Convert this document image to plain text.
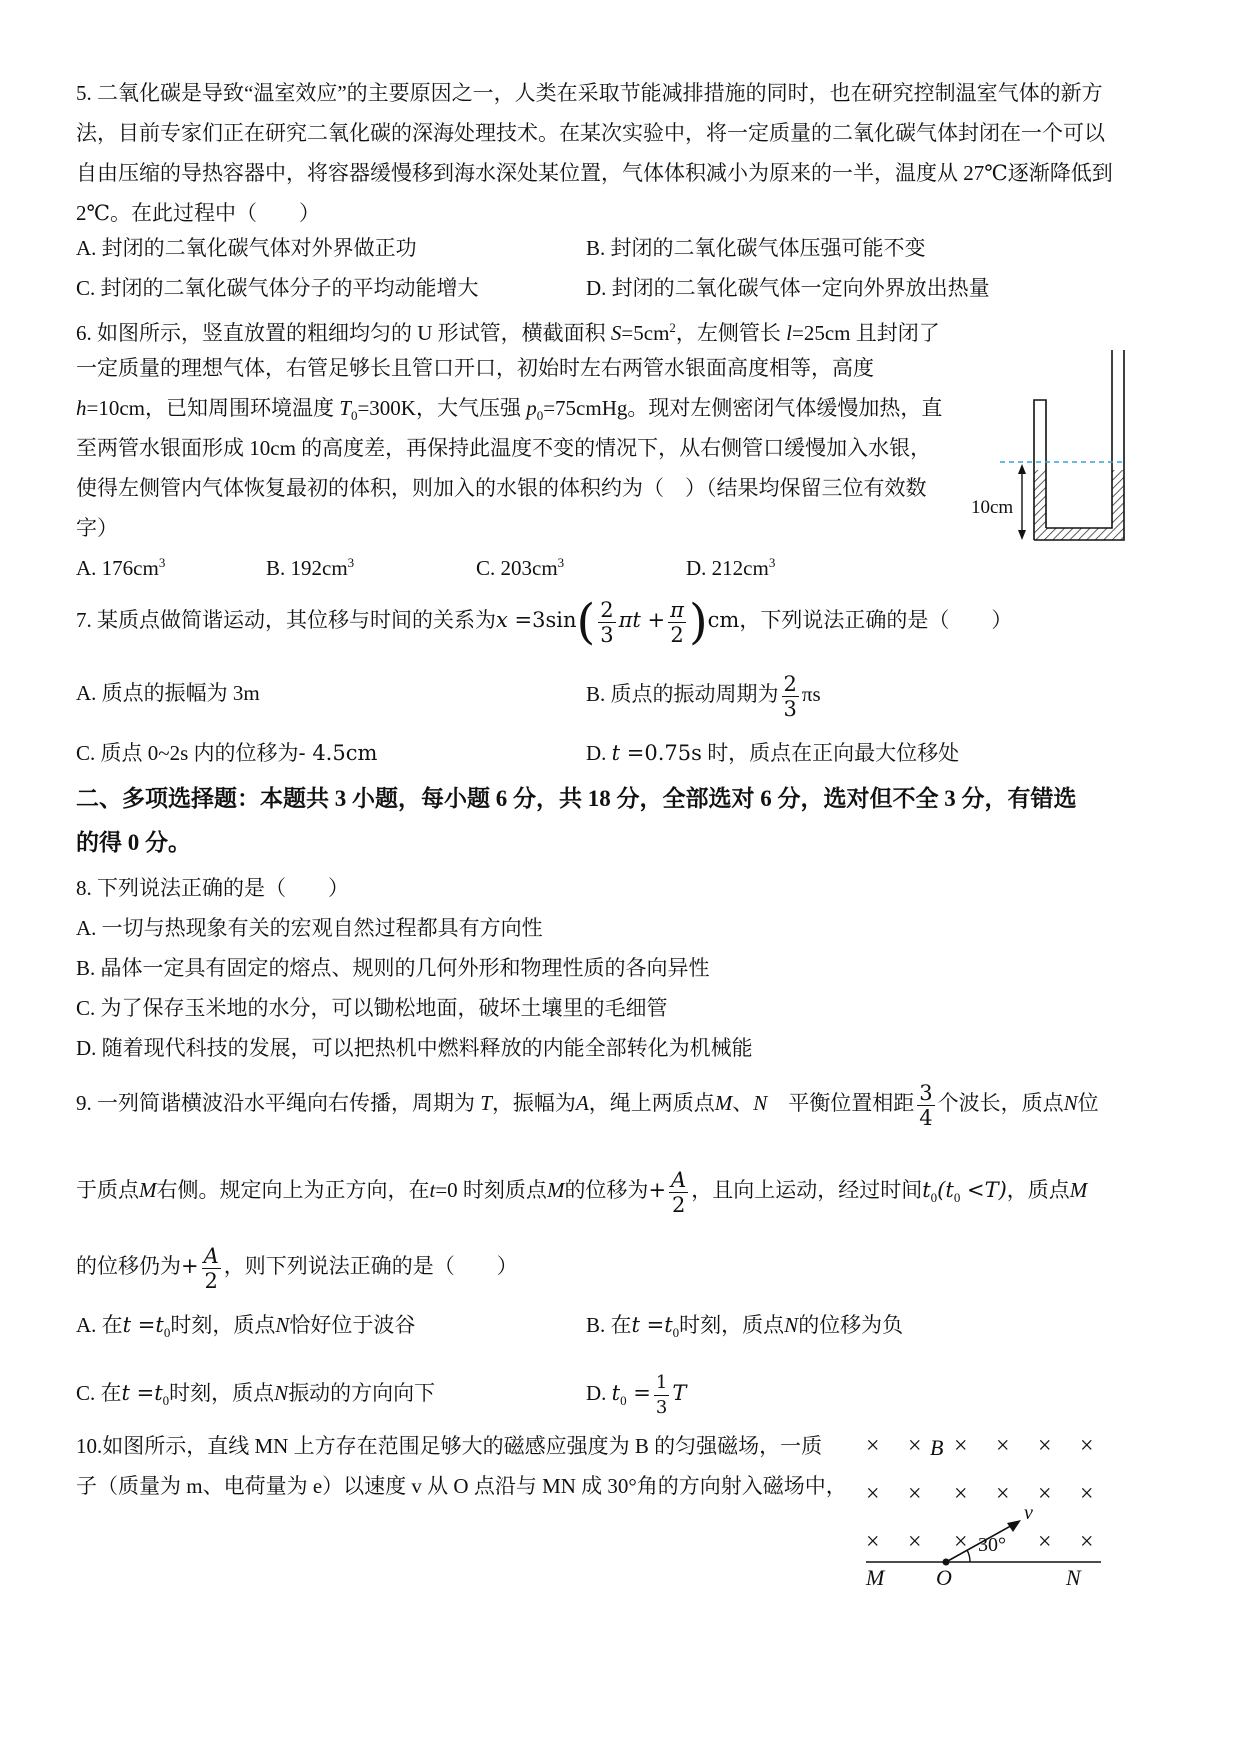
5. 二氧化碳是导致“温室效应”的主要原因之一，人类在采取节能减排措施的同时，也在研究控制温室气体的新方
法，目前专家们正在研究二氧化碳的深海处理技术。在某次实验中，将一定质量的二氧化碳气体封闭在一个可以
自由压缩的导热容器中，将容器缓慢移到海水深处某位置，气体体积减小为原来的一半，温度从 27℃逐渐降低到
2℃。在此过程中（　　）
A. 封闭的二氧化碳气体对外界做正功	B. 封闭的二氧化碳气体压强可能不变
C. 封闭的二氧化碳气体分子的平均动能增大	D. 封闭的二氧化碳气体一定向外界放出热量
6. 如图所示，竖直放置的粗细均匀的 U 形试管，横截面积 $S=5cm^2$，左侧管长 l=25cm 且封闭了
一定质量的理想气体，右管足够长且管口开口，初始时左右两管水银面高度相等，高度
h=10cm，已知周围环境温度 $T_0=300K$，大气压强 $p_0=75cmHg$。现对左侧密闭气体缓慢加热，直
至两管水银面形成 10cm 的高度差，再保持此温度不变的情况下，从右侧管口缓慢加入水银，
使得左侧管内气体恢复最初的体积，则加入的水银的体积约为（　）（结果均保留三位有效数
字）
A. $176cm^3$	B. $192cm^3$	C. $203cm^3$	D. $212cm^3$
10cm
7. 某质点做简谐运动，其位移与时间的关系为$x =3\sin( \frac{2}{3}$ $\pi t + \frac{\pi}{2} )cm$，下列说法正确的是（　　）
A. 质点的振幅为 3m	B. 质点的振动周期为 $\frac{2}{3}$ πs
C. 质点 0~2s 内的位移为- 4.5cm	D. t =0.75s 时，质点在正向最大位移处
二、多项选择题：本题共 3 小题，每小题 6 分，共 18 分，全部选对 6 分，选对但不全 3 分，有错选
的得 0 分。
8. 下列说法正确的是（　　）
A. 一切与热现象有关的宏观自然过程都具有方向性
B. 晶体一定具有固定的熔点、规则的几何外形和物理性质的各向异性
C. 为了保存玉米地的水分，可以锄松地面，破坏土壤里的毛细管
D. 随着现代科技的发展，可以把热机中燃料释放的内能全部转化为机械能
9. 一列简谐横波沿水平绳向右传播，周期为 T，振幅为A，绳上两质点M、N　平衡位置相距 $\frac{3}{4}$ 个波长，质点N位
于质点M右侧。规定向上为正方向，在t=0 时刻质点M的位移为+ $\frac{A}{2}$ ，且向上运动，经过时间$t_0(t_0 <T)$，质点M
的位移仍为+ $\frac{A}{2}$ ，则下列说法正确的是（　　）
A. 在$t =t_0$时刻，质点N恰好位于波谷	B. 在$t =t_0$时刻，质点N的位移为负
C. 在$t =t_0$时刻，质点N振动的方向向下	D. $t_0 = \frac{1}{3}$ T
10.如图所示，直线 MN 上方存在范围足够大的磁感应强度为 B 的匀强磁场，一质
子（质量为 m、电荷量为 e）以速度 v 从 O 点沿与 MN 成 30°角的方向射入磁场中，
× × × × × ×
× × × × × ×
× × ×	× ×
B
v
30°
M O	N
